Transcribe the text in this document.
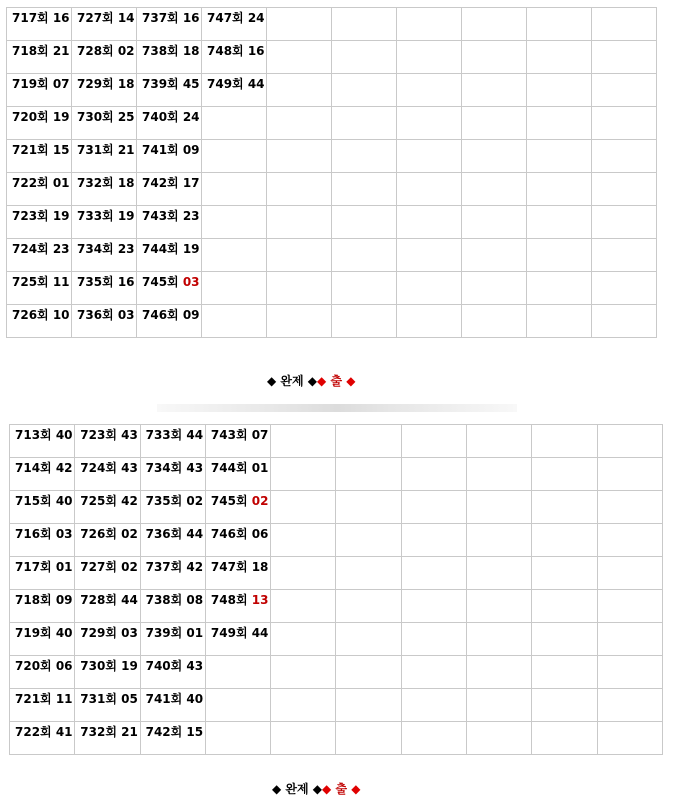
717회 16	727회 14	737회 16	747회 24						
718회 21	728회 02	738회 18	748회 16						
719회 07	729회 18	739회 45	749회 44						
720회 19	730회 25	740회 24							
721회 15	731회 21	741회 09							
722회 01	732회 18	742회 17							
723회 19	733회 19	743회 23							
724회 23	734회 23	744회 19							
725회 11	735회 16	745회 03							
726회 10	736회 03	746회 09							
◆ 완제 ◆◆ 출 ◆
713회 40	723회 43	733회 44	743회 07						
714회 42	724회 43	734회 43	744회 01						
715회 40	725회 42	735회 02	745회 02						
716회 03	726회 02	736회 44	746회 06						
717회 01	727회 02	737회 42	747회 18						
718회 09	728회 44	738회 08	748회 13						
719회 40	729회 03	739회 01	749회 44						
720회 06	730회 19	740회 43							
721회 11	731회 05	741회 40							
722회 41	732회 21	742회 15							
◆ 완제 ◆◆ 출 ◆
